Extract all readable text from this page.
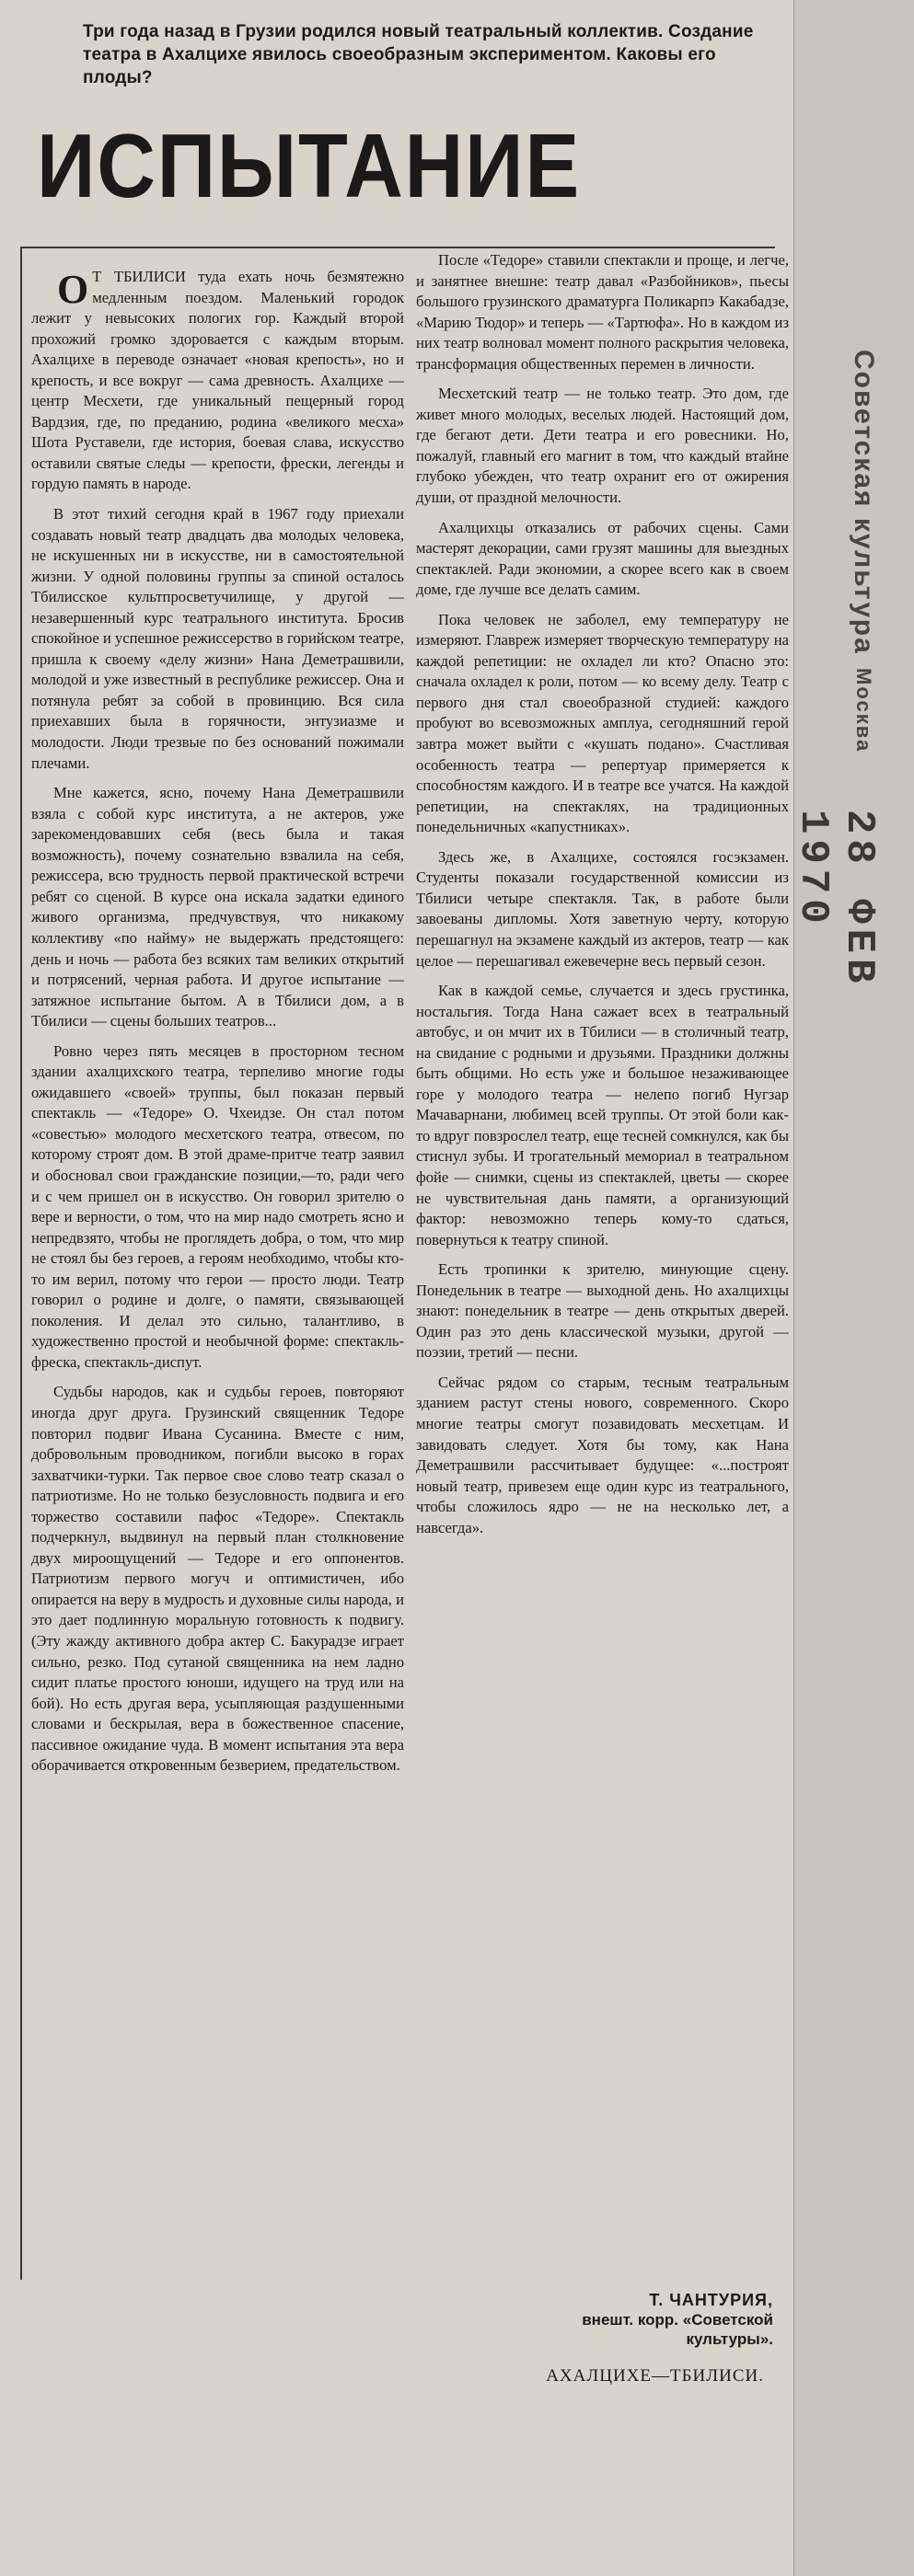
Три года назад в Грузии родился новый театральный коллектив. Создание театра в Ахалцихе явилось своеобразным экспериментом. Каковы его плоды?
ИСПЫТАНИЕ

О Т ТБИЛИСИ туда ехать ночь безмятежно медленным поездом. Маленький городок лежит у невысоких пологих гор. Каждый второй прохожий громко здоровается с каждым вторым. Ахалцихе в переводе означает «новая крепость», но и крепость, и все вокруг — сама древность. Ахалцихе — центр Месхети, где уникальный пещерный город Вардзия, где, по преданию, родина «великого месха» Шота Руставели, где история, боевая слава, искусство оставили святые следы — крепости, фрески, легенды и гордую память в народе.

В этот тихий сегодня край в 1967 году приехали создавать новый театр двадцать два молодых человека, не искушенных ни в искусстве, ни в самостоятельной жизни. У одной половины группы за спиной осталось Тбилисское культпросветучилище, у другой — незавершенный курс театрального института. Бросив спокойное и успешное режиссерство в горийском театре, пришла к своему «делу жизни» Нана Деметрашвили, молодой и уже известный в республике режиссер. Она и потянула ребят за собой в провинцию. Вся сила приехавших была в горячности, энтузиазме и молодости. Люди трезвые по без оснований пожимали плечами.

Мне кажется, ясно, почему Нана Деметрашвили взяла с собой курс института, а не актеров, уже зарекомендовавших себя (весь была и такая возможность), почему сознательно взвалила на себя, режиссера, всю трудность первой практической встречи ребят со сценой. В курсе она искала задатки единого живого организма, предчувствуя, что никакому коллективу «по найму» не выдержать предстоящего: день и ночь — работа без всяких там великих открытий и потрясений, черная работа. И другое испытание — затяжное испытание бытом. А в Тбилиси дом, а в Тбилиси — сцены больших театров...

Ровно через пять месяцев в просторном тесном здании ахалцихского театра, терпеливо многие годы ожидавшего «своей» труппы, был показан первый спектакль — «Тедоре» О. Чхеидзе. Он стал потом «совестью» молодого месхетского театра, отвесом, по которому строят дом. В этой драме-притче театр заявил и обосновал свои гражданские позиции,—то, ради чего и с чем пришел он в искусство. Он говорил зрителю о вере и верности, о том, что на мир надо смотреть ясно и непредвзято, чтобы не проглядеть добра, о том, что мир не стоял бы без героев, а героям необходимо, чтобы кто-то им верил, потому что герои — просто люди. Театр говорил о родине и долге, о памяти, связывающей поколения. И делал это сильно, талантливо, в художественно простой и необычной форме: спектакль-фреска, спектакль-диспут.

Судьбы народов, как и судьбы героев, повторяют иногда друг друга. Грузинский священник Тедоре повторил подвиг Ивана Сусанина. Вместе с ним, добровольным проводником, погибли высоко в горах захватчики-турки. Так первое свое слово театр сказал о патриотизме. Но не только безусловность подвига и его торжество составили пафос «Тедоре». Спектакль подчеркнул, выдвинул на первый план столкновение двух мироощущений — Тедоре и его оппонентов. Патриотизм первого могуч и оптимистичен, ибо опирается на веру в мудрость и духовные силы народа, и это дает подлинную моральную готовность к подвигу. (Эту жажду активного добра актер С. Бакурадзе играет сильно, резко. Под сутаной священника на нем ладно сидит платье простого юноши, идущего на труд или на бой). Но есть другая вера, усыпляющая раздушенными словами и бескрылая, вера в божественное спасение, пассивное ожидание чуда. В момент испытания эта вера оборачивается откровенным безверием, предательством.

После «Тедоре» ставили спектакли и проще, и легче, и занятнее внешне: театр давал «Разбойников», пьесы большого грузинского драматурга Поликарпэ Какабадзе, «Марию Тюдор» и теперь — «Тартюфа». Но в каждом из них театр волновал момент полного раскрытия человека, трансформация общественных перемен в личности.

Месхетский театр — не только театр. Это дом, где живет много молодых, веселых людей. Настоящий дом, где бегают дети. Дети театра и его ровесники. Но, пожалуй, главный его магнит в том, что каждый втайне глубоко убежден, что театр охранит его от ожирения души, от праздной мелочности.

Ахалцихцы отказались от рабочих сцены. Сами мастерят декорации, сами грузят машины для выездных спектаклей. Ради экономии, а скорее всего как в своем доме, где лучше все делать самим.

Пока человек не заболел, ему температуру не измеряют. Главреж измеряет творческую температуру на каждой репетиции: не охладел ли кто? Опасно это: сначала охладел к роли, потом — ко всему делу. Театр с первого дня стал своеобразной студией: каждого пробуют во всевозможных амплуа, сегодняшний герой завтра может выйти с «кушать подано». Счастливая особенность театра — репертуар примеряется к способностям каждого. И в театре все учатся. На каждой репетиции, на спектаклях, на традиционных понедельничных «капустниках».

Здесь же, в Ахалцихе, состоялся госэкзамен. Студенты показали государственной комиссии из Тбилиси четыре спектакля. Так, в работе были завоеваны дипломы. Хотя заветную черту, которую перешагнул на экзамене каждый из актеров, театр — как целое — перешагивал ежевечерне весь первый сезон.

Как в каждой семье, случается и здесь грустинка, ностальгия. Тогда Нана сажает всех в театральный автобус, и он мчит их в Тбилиси — в столичный театр, на свидание с родными и друзьями. Праздники должны быть общими. Но есть уже и большое незаживающее горе у молодого театра — нелепо погиб Нугзар Мачаварнани, любимец всей труппы. От этой боли как-то вдруг повзрослел театр, еще тесней сомкнулся, как бы стиснул зубы. И трогательный мемориал в театральном фойе — снимки, сцены из спектаклей, цветы — скорее не чувствительная дань памяти, а организующий фактор: невозможно теперь кому-то сдаться, повернуться к театру спиной.

Есть тропинки к зрителю, минующие сцену. Понедельник в театре — выходной день. Но ахалцихцы знают: понедельник в театре — день открытых дверей. Один раз это день классической музыки, другой — поэзии, третий — песни.

Сейчас рядом со старым, тесным театральным зданием растут стены нового, современного. Скоро многие театры смогут позавидовать месхетцам. И завидовать следует. Хотя бы тому, как Нана Деметрашвили рассчитывает будущее: «...построят новый театр, привезем еще один курс из театрального, чтобы сложилось ядро — не на несколько лет, а навсегда».

Т. ЧАНТУРИЯ,
внешт. корр. «Советской культуры».
АХАЛЦИХЕ—ТБИЛИСИ.
Советская культура Москва
28 ФЕВ 1970
